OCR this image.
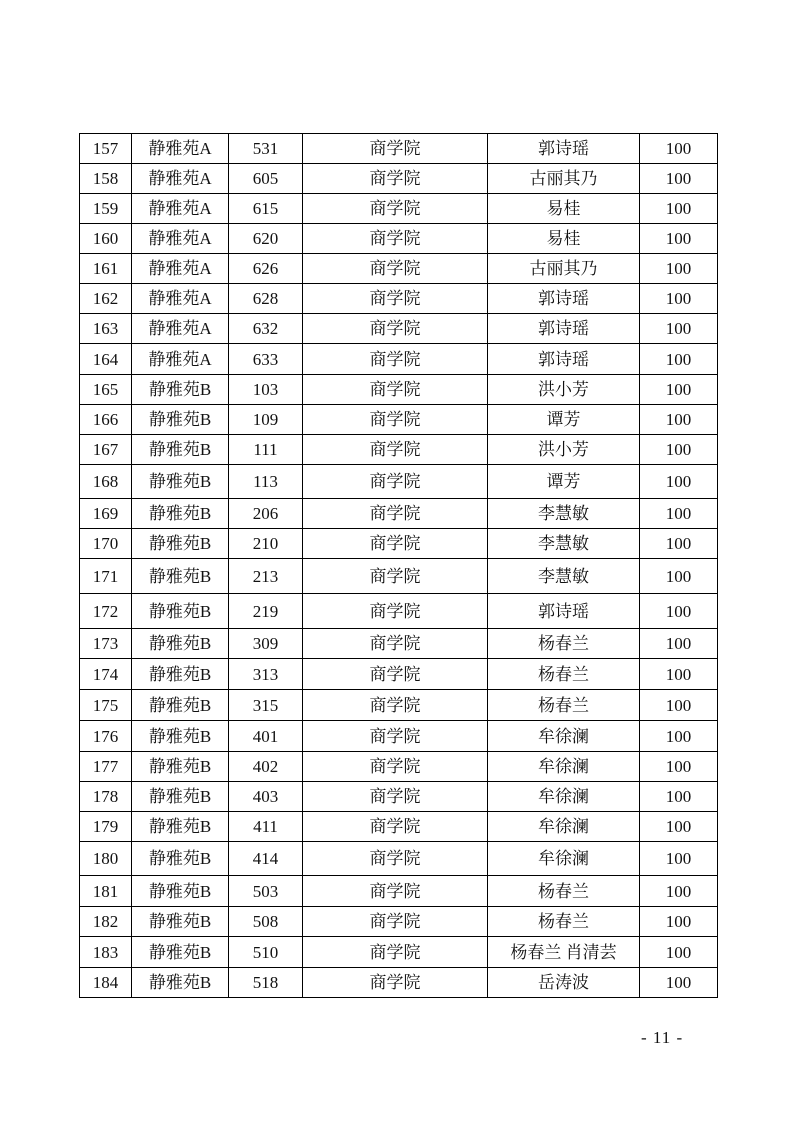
157	静雅苑A	531	商学院	郭诗瑶	100
158	静雅苑A	605	商学院	古丽其乃	100
159	静雅苑A	615	商学院	易桂	100
160	静雅苑A	620	商学院	易桂	100
161	静雅苑A	626	商学院	古丽其乃	100
162	静雅苑A	628	商学院	郭诗瑶	100
163	静雅苑A	632	商学院	郭诗瑶	100
164	静雅苑A	633	商学院	郭诗瑶	100
165	静雅苑B	103	商学院	洪小芳	100
166	静雅苑B	109	商学院	谭芳	100
167	静雅苑B	111	商学院	洪小芳	100
168	静雅苑B	113	商学院	谭芳	100
169	静雅苑B	206	商学院	李慧敏	100
170	静雅苑B	210	商学院	李慧敏	100
171	静雅苑B	213	商学院	李慧敏	100
172	静雅苑B	219	商学院	郭诗瑶	100
173	静雅苑B	309	商学院	杨春兰	100
174	静雅苑B	313	商学院	杨春兰	100
175	静雅苑B	315	商学院	杨春兰	100
176	静雅苑B	401	商学院	牟徐澜	100
177	静雅苑B	402	商学院	牟徐澜	100
178	静雅苑B	403	商学院	牟徐澜	100
179	静雅苑B	411	商学院	牟徐澜	100
180	静雅苑B	414	商学院	牟徐澜	100
181	静雅苑B	503	商学院	杨春兰	100
182	静雅苑B	508	商学院	杨春兰	100
183	静雅苑B	510	商学院	杨春兰 肖清芸	100
184	静雅苑B	518	商学院	岳涛波	100
- 11 -
